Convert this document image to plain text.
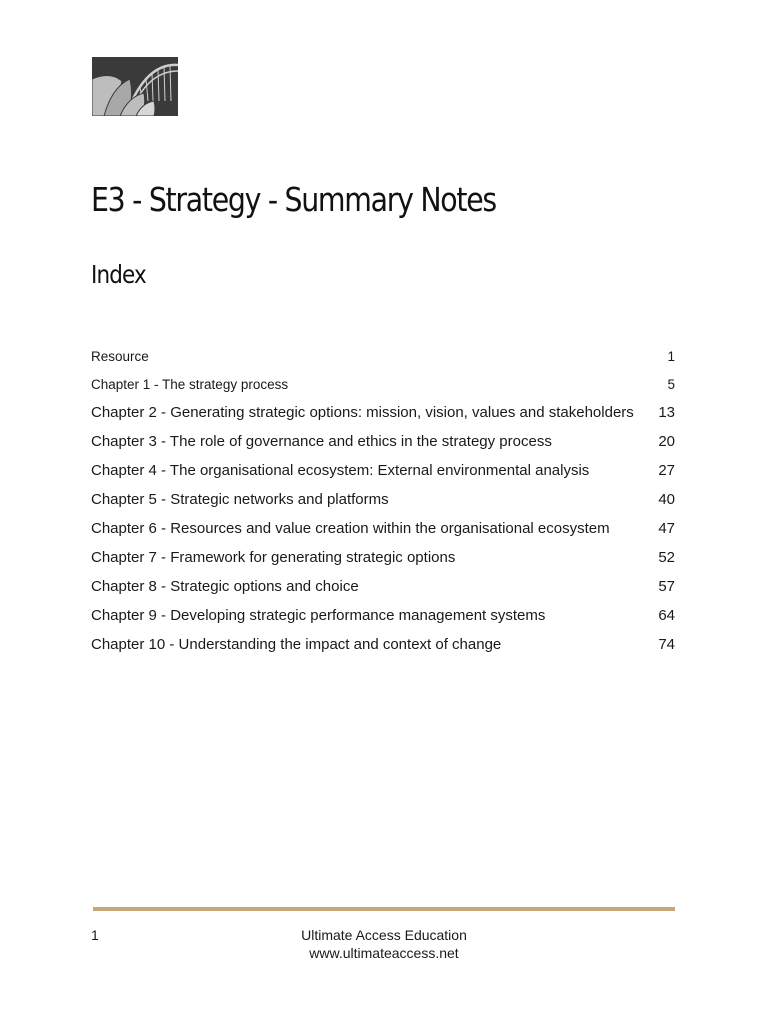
E3 - Strategy - Summary Notes
Index
Resource	1
Chapter 1 - The strategy process	5
Chapter 2 - Generating strategic options: mission, vision, values and stakeholders	13
Chapter 3 - The role of governance and ethics in the strategy process	20
Chapter 4 - The organisational ecosystem: External environmental analysis	27
Chapter 5 - Strategic networks and platforms	40
Chapter 6 - Resources and value creation within the organisational ecosystem	47
Chapter 7 - Framework for generating strategic options	52
Chapter 8 - Strategic options and choice	57
Chapter 9 - Developing strategic performance management systems	64
Chapter 10 - Understanding the impact and context of change	74
1	Ultimate Access Education
www.ultimateaccess.net
